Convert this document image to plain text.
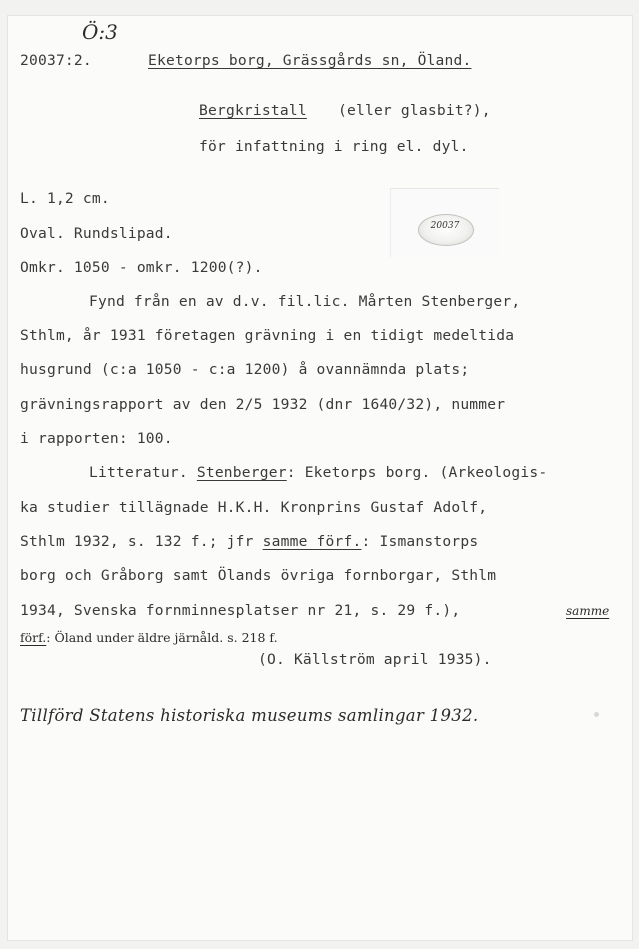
Ö:3
20037:2.	Eketorps borg, Grässgårds sn, Öland.
Bergkristall (eller glasbit?),
för infattning i ring el. dyl.
L. 1,2 cm.
Oval. Rundslipad.
Omkr. 1050 - omkr. 1200(?).
20037
Fynd från en av d.v. fil.lic. Mårten Stenberger,
Sthlm, år 1931 företagen grävning i en tidigt medeltida
husgrund (c:a 1050 - c:a 1200) å ovannämnda plats;
grävningsrapport av den 2/5 1932 (dnr 1640/32), nummer
i rapporten: 100.
Litteratur. Stenberger: Eketorps borg. (Arkeologis-
ka studier tillägnade H.K.H. Kronprins Gustaf Adolf,
Sthlm 1932, s. 132 f.; jfr samme förf.: Ismanstorps
borg och Gråborg samt Ölands övriga fornborgar, Sthlm
1934, Svenska fornminnesplatser nr 21, s. 29 f.),	samme
förf.: Öland under äldre järnåld. s. 218 f.
(O. Källström april 1935).
Tillförd Statens historiska museums samlingar 1932.
